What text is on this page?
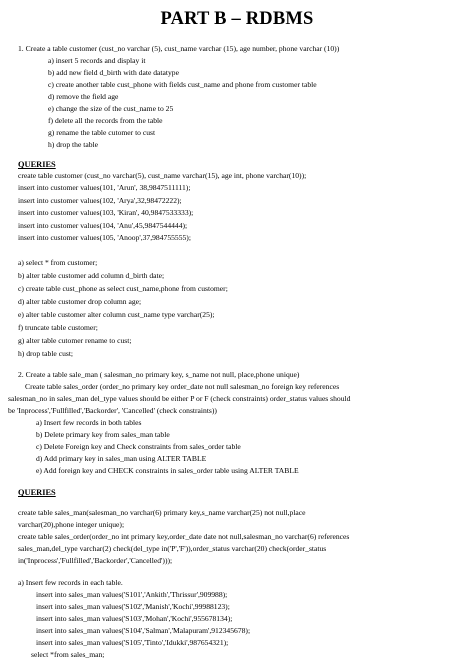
PART B – RDBMS
1. Create a table customer (cust_no varchar (5), cust_name varchar (15), age number, phone varchar (10))
a) insert 5 records and display it
b) add new field d_birth with date datatype
c) create another table cust_phone with fields cust_name and phone from customer table
d) remove the field age
e) change the size of the cust_name to 25
f) delete all the records from the table
g) rename the table cutomer to cust
h) drop the table
QUERIES
create table customer (cust_no varchar(5), cust_name varchar(15), age int, phone varchar(10));
insert into customer values(101, 'Arun', 38,9847511111);
insert into customer values(102, 'Arya',32,98472222);
insert into customer values(103, 'Kiran', 40,9847533333);
insert into customer values(104, 'Anu',45,9847544444);
insert into customer values(105, 'Anoop',37,984755555);
a) select * from customer;
b) alter table customer add column d_birth date;
c) create table cust_phone as select cust_name,phone from customer;
d) alter table customer drop column age;
e) alter table customer alter column cust_name type varchar(25);
f) truncate table customer;
g) alter table cutomer rename to cust;
h) drop table cust;
2. Create a table sale_man ( salesman_no primary key, s_name not null, place,phone unique)
Create table sales_order (order_no primary key order_date not null salesman_no foreign key references
salesman_no in sales_man del_type values should be either P or F (check constraints) order_status values should
be 'Inprocess','Fullfilled','Backorder', 'Cancelled' (check constraints))
a) Insert few records in both tables
b) Delete primary key from sales_man table
c) Delete Foreign key and Check constraints from sales_order table
d) Add primary key in sales_man using ALTER TABLE
e) Add foreign key and CHECK constraints in sales_order table using ALTER TABLE
QUERIES
create table sales_man(salesman_no varchar(6) primary key,s_name varchar(25) not null,place
varchar(20),phone integer unique);
create table sales_order(order_no int primary key,order_date date not null,salesman_no varchar(6) references
sales_man,del_type varchar(2) check(del_type in('P','F')),order_status varchar(20) check(order_status
in('Inprocess','Fullfilled','Backorder','Cancelled')));
a) Insert few records in each table.
insert into sales_man values('S101','Ankith','Thrissur',909988);
insert into sales_man values('S102','Manish','Kochi',99988123);
insert into sales_man values('S103','Mohan','Kochi',955678134);
insert into sales_man values('S104','Salman','Malapuram',912345678);
insert into sales_man values('S105','Tinto','Idukki',987654321);
select *from sales_man;
